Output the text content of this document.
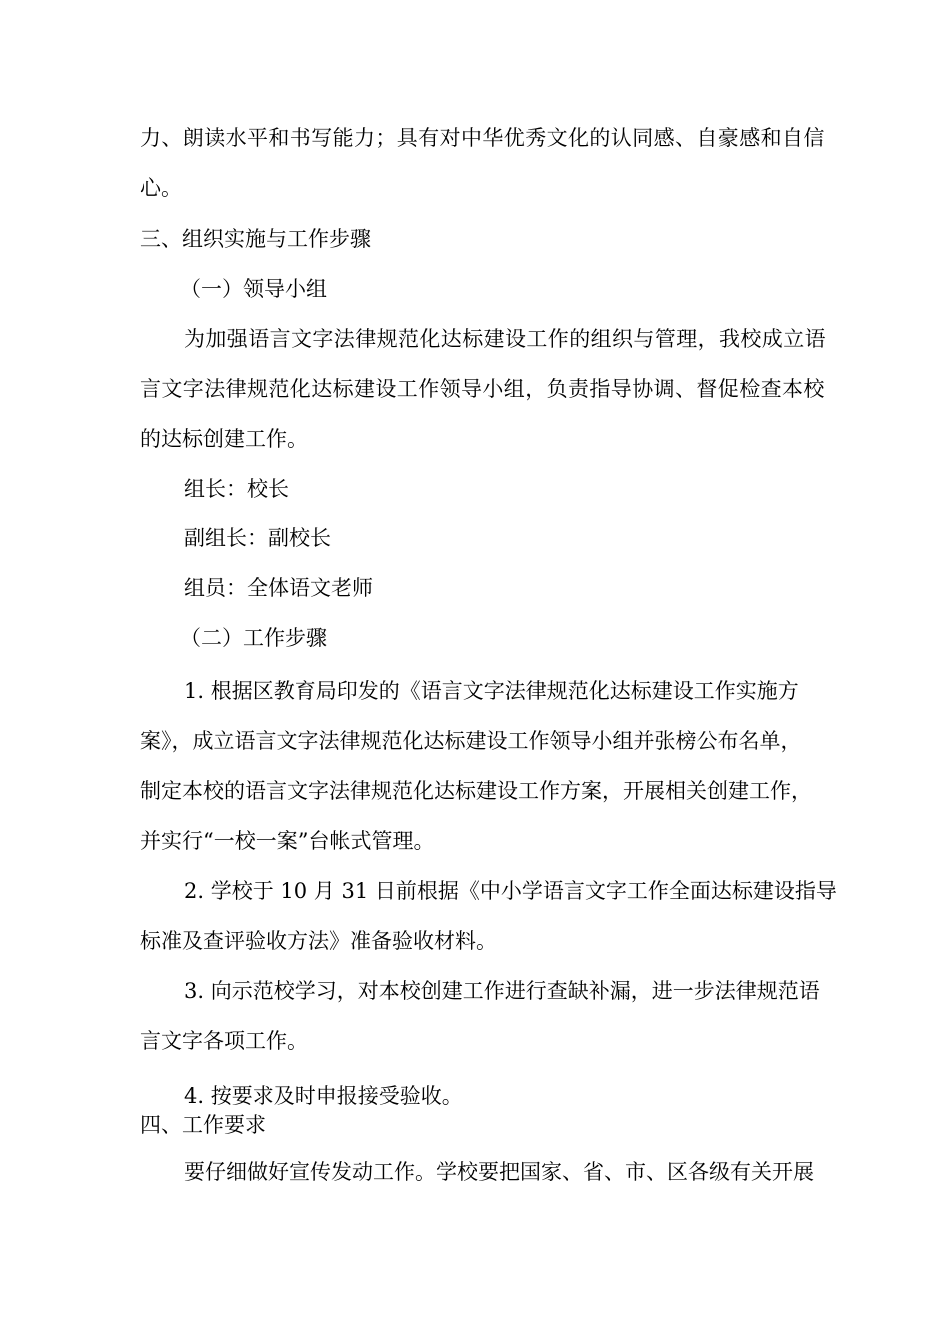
力、朗读水平和书写能力；具有对中华优秀文化的认同感、自豪感和自信
心。
三、组织实施与工作步骤
（一）领导小组
为加强语言文字法律规范化达标建设工作的组织与管理，我校成立语
言文字法律规范化达标建设工作领导小组，负责指导协调、督促检查本校
的达标创建工作。
组长：校长
副组长：副校长
组员：全体语文老师
（二）工作步骤
1. 根据区教育局印发的《语言文字法律规范化达标建设工作实施方
案》，成立语言文字法律规范化达标建设工作领导小组并张榜公布名单，
制定本校的语言文字法律规范化达标建设工作方案，开展相关创建工作，
并实行“一校一案”台帐式管理。
2. 学校于 10 月 31 日前根据《中小学语言文字工作全面达标建设指导
标准及查评验收方法》准备验收材料。
3. 向示范校学习，对本校创建工作进行查缺补漏，进一步法律规范语
言文字各项工作。
4. 按要求及时申报接受验收。
四、工作要求
要仔细做好宣传发动工作。学校要把国家、省、市、区各级有关开展
